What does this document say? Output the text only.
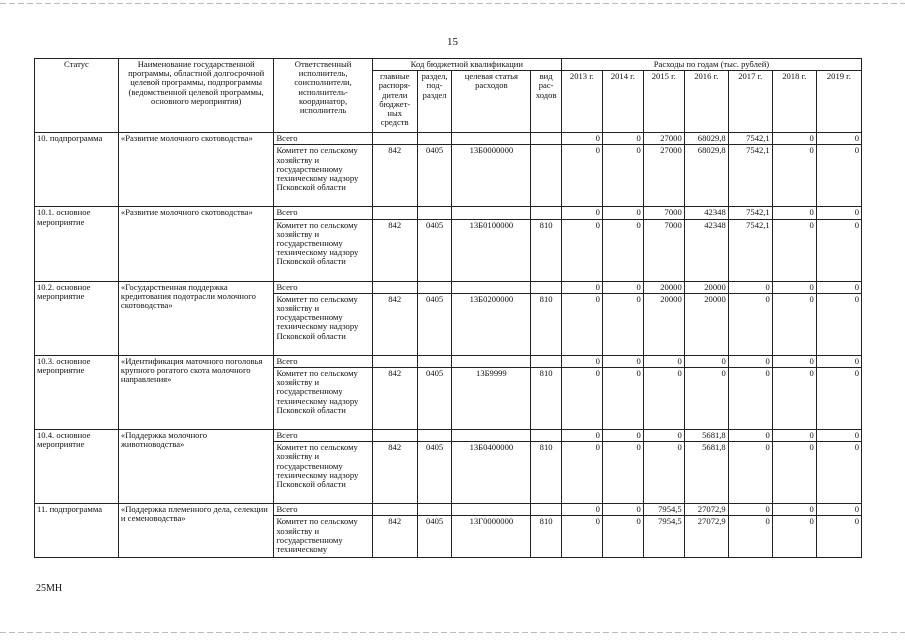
15
Статус	Наименование государственной программы, областной долгосрочной целевой программы, подпрограммы (ведомственной целевой программы, основного мероприятия)	Ответственный исполнитель, соисполнители, исполнитель-координатор, исполнитель	Код бюджетной квалификации				Расходы по годам (тыс. рублей)						
			главные распоря-дители бюджет-ных средств	раздел, под-раздел	целевая статья расходов	вид рас-ходов	2013 г.	2014 г.	2015 г.	2016 г.	2017 г.	2018 г.	2019 г.
10. подпрограмма	«Развитие молочного скотоводства»	Всего					0	0	27000	68029,8	7542,1	0	0
		Комитет по сельскому хозяйству и государственному техническому надзору Псковской области	842	0405	13Б0000000		0	0	27000	68029,8	7542,1	0	0
10.1. основное мероприятие	«Развитие молочного скотоводства»	Всего					0	0	7000	42348	7542,1	0	0
		Комитет по сельскому хозяйству и государственному техническому надзору Псковской области	842	0405	13Б0100000	810	0	0	7000	42348	7542,1	0	0
10.2. основное мероприятие	«Государственная поддержка кредитования подотрасли молочного скотоводства»	Всего					0	0	20000	20000	0	0	0
		Комитет по сельскому хозяйству и государственному техническому надзору Псковской области	842	0405	13Б0200000	810	0	0	20000	20000	0	0	0
10.3. основное мероприятие	«Идентификация маточного поголовья крупного рогатого скота молочного направления»	Всего					0	0	0	0	0	0	0
		Комитет по сельскому хозяйству и государственному техническому надзору Псковской области	842	0405	13Б9999	810	0	0	0	0	0	0	0
10.4. основное мероприятие	«Поддержка молочного животноводства»	Всего					0	0	0	5681,8	0	0	0
		Комитет по сельскому хозяйству и государственному техническому надзору Псковской области	842	0405	13Б0400000	810	0	0	0	5681,8	0	0	0
11. подпрограмма	«Поддержка племенного дела, селекции и семеноводства»	Всего					0	0	7954,5	27072,9	0	0	0
		Комитет по сельскому хозяйству и государственному техническому	842	0405	13Г0000000	810	0	0	7954,5	27072,9	0	0	0
25МН
